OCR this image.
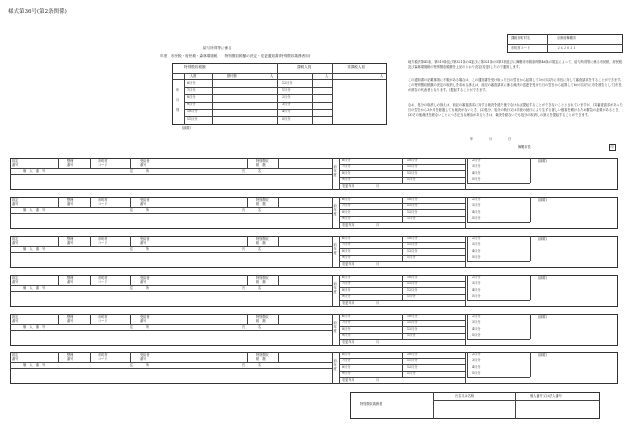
様式第36号(第2条関係)
給与所得等に係る
年度　市民税・府民税・森林環境税　　特別徴収税額の決定・変更通知書(特別徴収義務者用)
特別徴収税額	課税人員	非課税人員
人	人	人
人数	納付額
年
月
別
6月分	12月分
7月分	1月分
8月分	2月分
9月分	3月分
10月分	4月分
11月分	5月分
(摘要)
課税市町村名	京都府舞鶴市
市町村コード	２６２０２１
地方税法第41条、第319条及び第321条の4並びに第321条の5第1項並びに舞鶴市市税条例第46条の規定によって、給与所得等に係る市民税、府民税及び森林環境税の特別徴収税額を上記のとおり決定(変更)したので通知します。
この通知書の記載事項に不服がある場合は、この通知書を受け取った日の翌日から起算して3か月以内に市長に対して審査請求をすることができます。この特別徴収税額の決定の取消しを求める訴えは、前記の審査請求に係る裁決の送達を受けた日の翌日から起算して6か月以内に市を被告として(市長が被告の代表者となります。)提起することができます。
なお、処分の取消しの訴えは、前記の審査請求に対する裁決を経た後でなければ提起することができないこととされていますが、(1)審査請求があった日の翌日から3か月を経過しても裁決がないとき、(2)処分、処分の執行又は手続の続行により生ずる著しい損害を避けるため緊急の必要があるとき、(3)その他裁決を経ないことにつき正当な理由があるときは、裁決を経ないでも処分の取消しの訴えを提起することができます。
年	月	日
舞鶴市長	印
指定
番号
整理
番号
市町村
コード
受給者
番号
特別徴収
税　額
個　人　番　号	住　　　　所	氏　　　　名
前
年
度
6月分	10月分	2月分
7月分	11月分	3月分
8月分	12月分	4月分
9月分	1月分	5月分
変更年月	月
(摘要)
指定
番号
整理
番号
市町村
コード
受給者
番号
特別徴収
税　額
個　人　番　号	住　　　　所	氏　　　　名
前
年
度
6月分	10月分	2月分
7月分	11月分	3月分
8月分	12月分	4月分
9月分	1月分	5月分
変更年月	月
(摘要)
指定
番号
整理
番号
市町村
コード
受給者
番号
特別徴収
税　額
個　人　番　号	住　　　　所	氏　　　　名
前
年
度
6月分	10月分	2月分
7月分	11月分	3月分
8月分	12月分	4月分
9月分	1月分	5月分
変更年月	月
(摘要)
指定
番号
整理
番号
市町村
コード
受給者
番号
特別徴収
税　額
個　人　番　号	住　　　　所	氏　　　　名
前
年
度
6月分	10月分	2月分
7月分	11月分	3月分
8月分	12月分	4月分
9月分	1月分	5月分
変更年月	月
(摘要)
指定
番号
整理
番号
市町村
コード
受給者
番号
特別徴収
税　額
個　人　番　号	住　　　　所	氏　　　　名
前
年
度
6月分	10月分	2月分
7月分	11月分	3月分
8月分	12月分	4月分
9月分	1月分	5月分
変更年月	月
(摘要)
指定
番号
整理
番号
市町村
コード
受給者
番号
特別徴収
税　額
個　人　番　号	住　　　　所	氏　　　　名
前
年
度
6月分	10月分	2月分
7月分	11月分	3月分
8月分	12月分	4月分
9月分	1月分	5月分
変更年月	月
(摘要)
特別徴収義務者
氏名又は名称	個人番号又は法人番号
